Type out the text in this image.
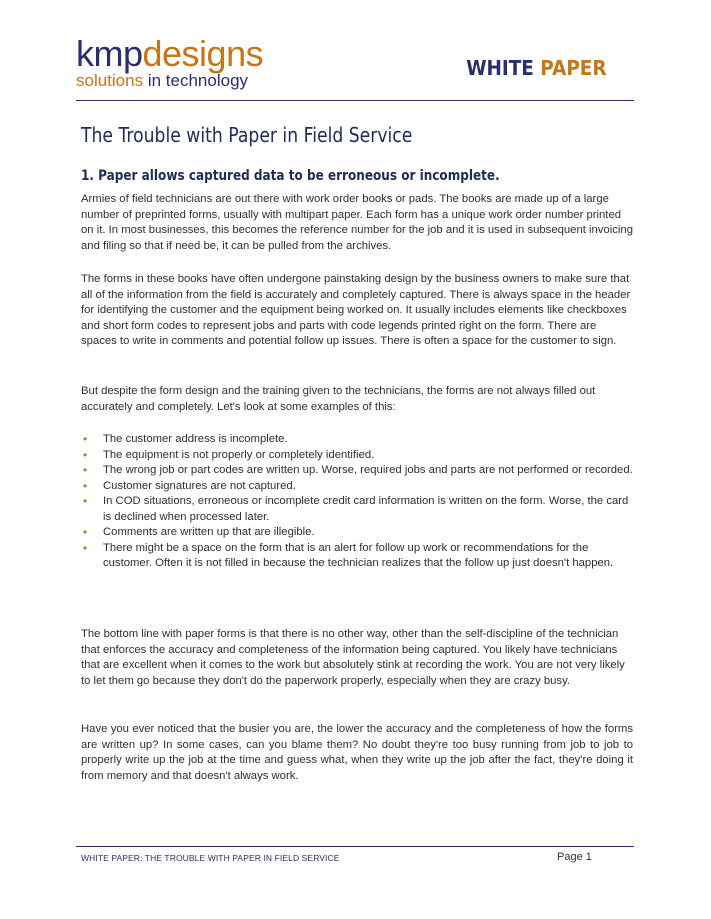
kmpdesigns
solutions in technology
WHITE PAPER
The Trouble with Paper in Field Service
1. Paper allows captured data to be erroneous or incomplete.
Armies of field technicians are out there with work order books or pads. The books are made up of a large number of preprinted forms, usually with multipart paper. Each form has a unique work order number printed on it. In most businesses, this becomes the reference number for the job and it is used in subsequent invoicing and filing so that if need be, it can be pulled from the archives.
The forms in these books have often undergone painstaking design by the business owners to make sure that all of the information from the field is accurately and completely captured. There is always space in the header for identifying the customer and the equipment being worked on. It usually includes elements like checkboxes and short form codes to represent jobs and parts with code legends printed right on the form. There are spaces to write in comments and potential follow up issues. There is often a space for the customer to sign.
But despite the form design and the training given to the technicians, the forms are not always filled out accurately and completely. Let's look at some examples of this:
• The customer address is incomplete.
• The equipment is not properly or completely identified.
• The wrong job or part codes are written up. Worse, required jobs and parts are not performed or recorded.
• Customer signatures are not captured.
• In COD situations, erroneous or incomplete credit card information is written on the form. Worse, the card is declined when processed later.
• Comments are written up that are illegible.
• There might be a space on the form that is an alert for follow up work or recommendations for the customer. Often it is not filled in because the technician realizes that the follow up just doesn't happen.
The bottom line with paper forms is that there is no other way, other than the self-discipline of the technician that enforces the accuracy and completeness of the information being captured. You likely have technicians that are excellent when it comes to the work but absolutely stink at recording the work. You are not very likely to let them go because they don't do the paperwork properly, especially when they are crazy busy.
Have you ever noticed that the busier you are, the lower the accuracy and the completeness of how the forms are written up? In some cases, can you blame them? No doubt they're too busy running from job to job to properly write up the job at the time and guess what, when they write up the job after the fact, they're doing it from memory and that doesn't always work.
WHITE PAPER: THE TROUBLE WITH PAPER IN FIELD SERVICE	Page 1
